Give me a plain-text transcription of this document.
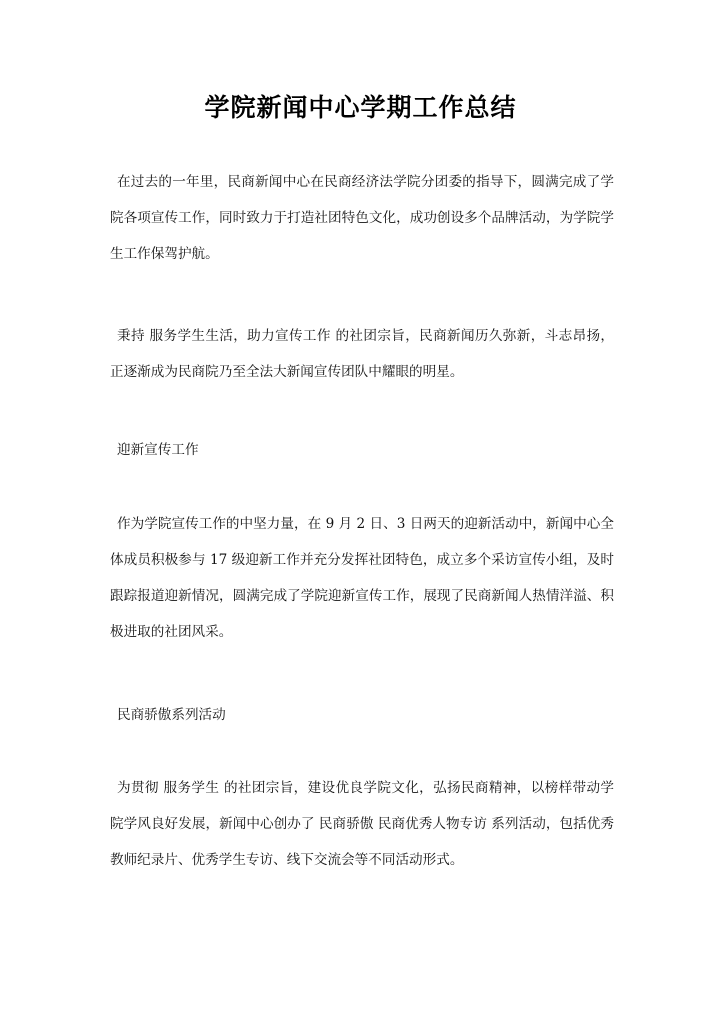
学院新闻中心学期工作总结
在过去的一年里，民商新闻中心在民商经济法学院分团委的指导下，圆满完成了学院各项宣传工作，同时致力于打造社团特色文化，成功创设多个品牌活动，为学院学生工作保驾护航。
秉持 服务学生生活，助力宣传工作 的社团宗旨，民商新闻历久弥新，斗志昂扬，正逐渐成为民商院乃至全法大新闻宣传团队中耀眼的明星。
迎新宣传工作
作为学院宣传工作的中坚力量，在 9 月 2 日、3 日两天的迎新活动中，新闻中心全体成员积极参与 17 级迎新工作并充分发挥社团特色，成立多个采访宣传小组，及时跟踪报道迎新情况，圆满完成了学院迎新宣传工作，展现了民商新闻人热情洋溢、积极进取的社团风采。
民商骄傲系列活动
为贯彻 服务学生 的社团宗旨，建设优良学院文化，弘扬民商精神，以榜样带动学院学风良好发展，新闻中心创办了 民商骄傲 民商优秀人物专访 系列活动，包括优秀教师纪录片、优秀学生专访、线下交流会等不同活动形式。
